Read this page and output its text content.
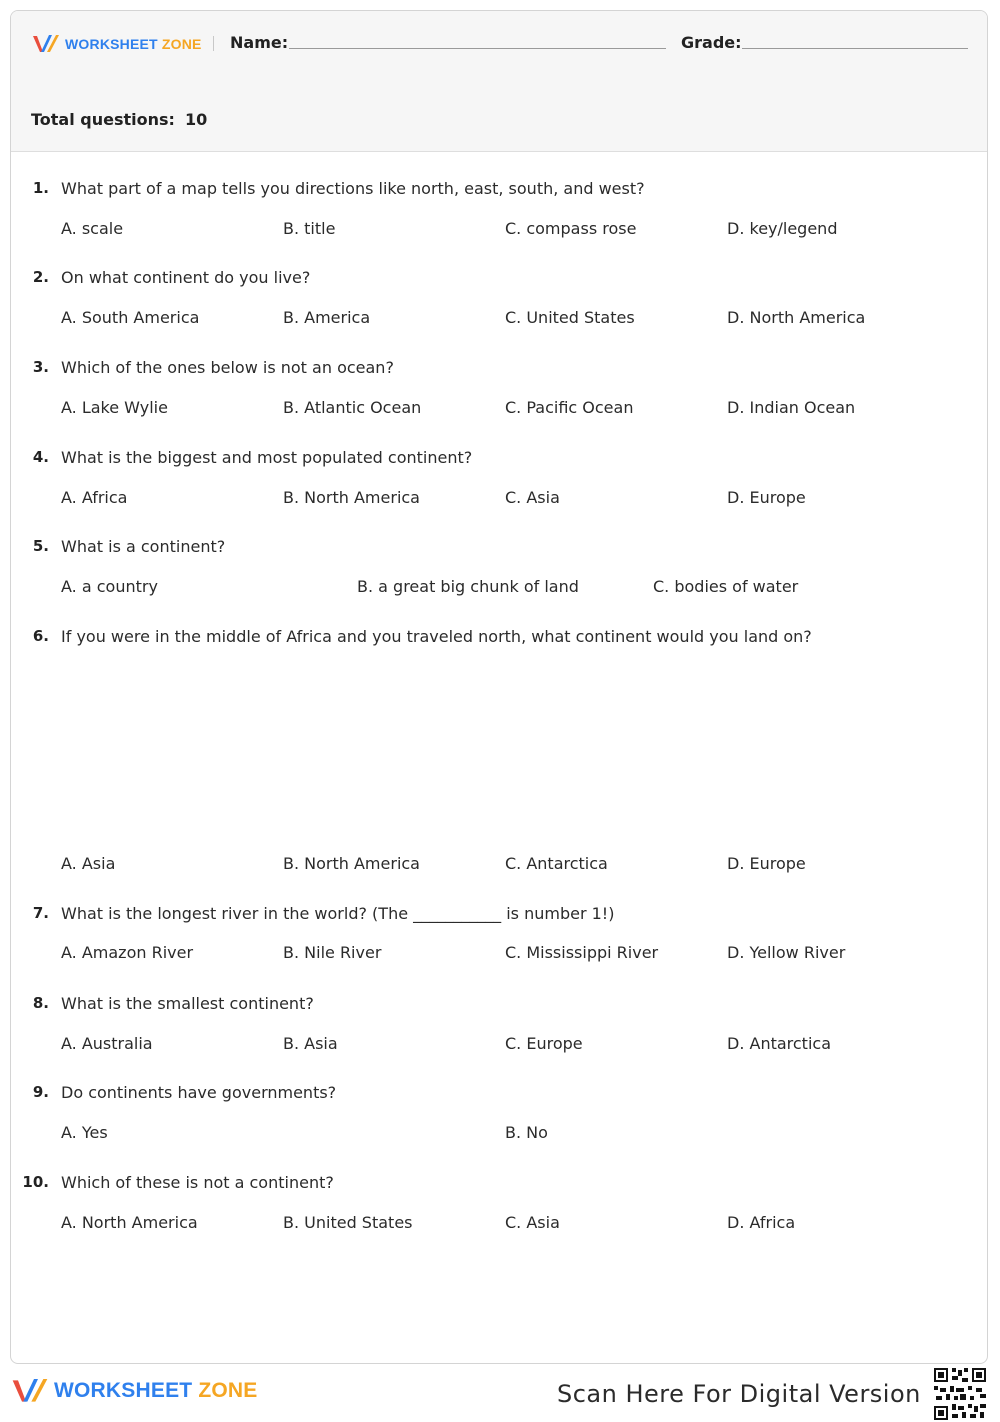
WORKSHEET ZONE Name:	Grade:
Total questions: 10
1. What part of a map tells you directions like north, east, south, and west?
A. scale	B. title	C. compass rose	D. key/legend
2. On what continent do you live?
A. South America	B. America	C. United States	D. North America
3. Which of the ones below is not an ocean?
A. Lake Wylie	B. Atlantic Ocean	C. Pacific Ocean	D. Indian Ocean
4. What is the biggest and most populated continent?
A. Africa	B. North America	C. Asia	D. Europe
5. What is a continent?
A. a country	B. a great big chunk of land	C. bodies of water
6. If you were in the middle of Africa and you traveled north, what continent would you land on?
A. Asia	B. North America	C. Antarctica	D. Europe
7. What is the longest river in the world? (The ___________ is number 1!)
A. Amazon River	B. Nile River	C. Mississippi River	D. Yellow River
8. What is the smallest continent?
A. Australia	B. Asia	C. Europe	D. Antarctica
9. Do continents have governments?
A. Yes	B. No
10. Which of these is not a continent?
A. North America	B. United States	C. Asia	D. Africa
WORKSHEET ZONE	Scan Here For Digital Version
